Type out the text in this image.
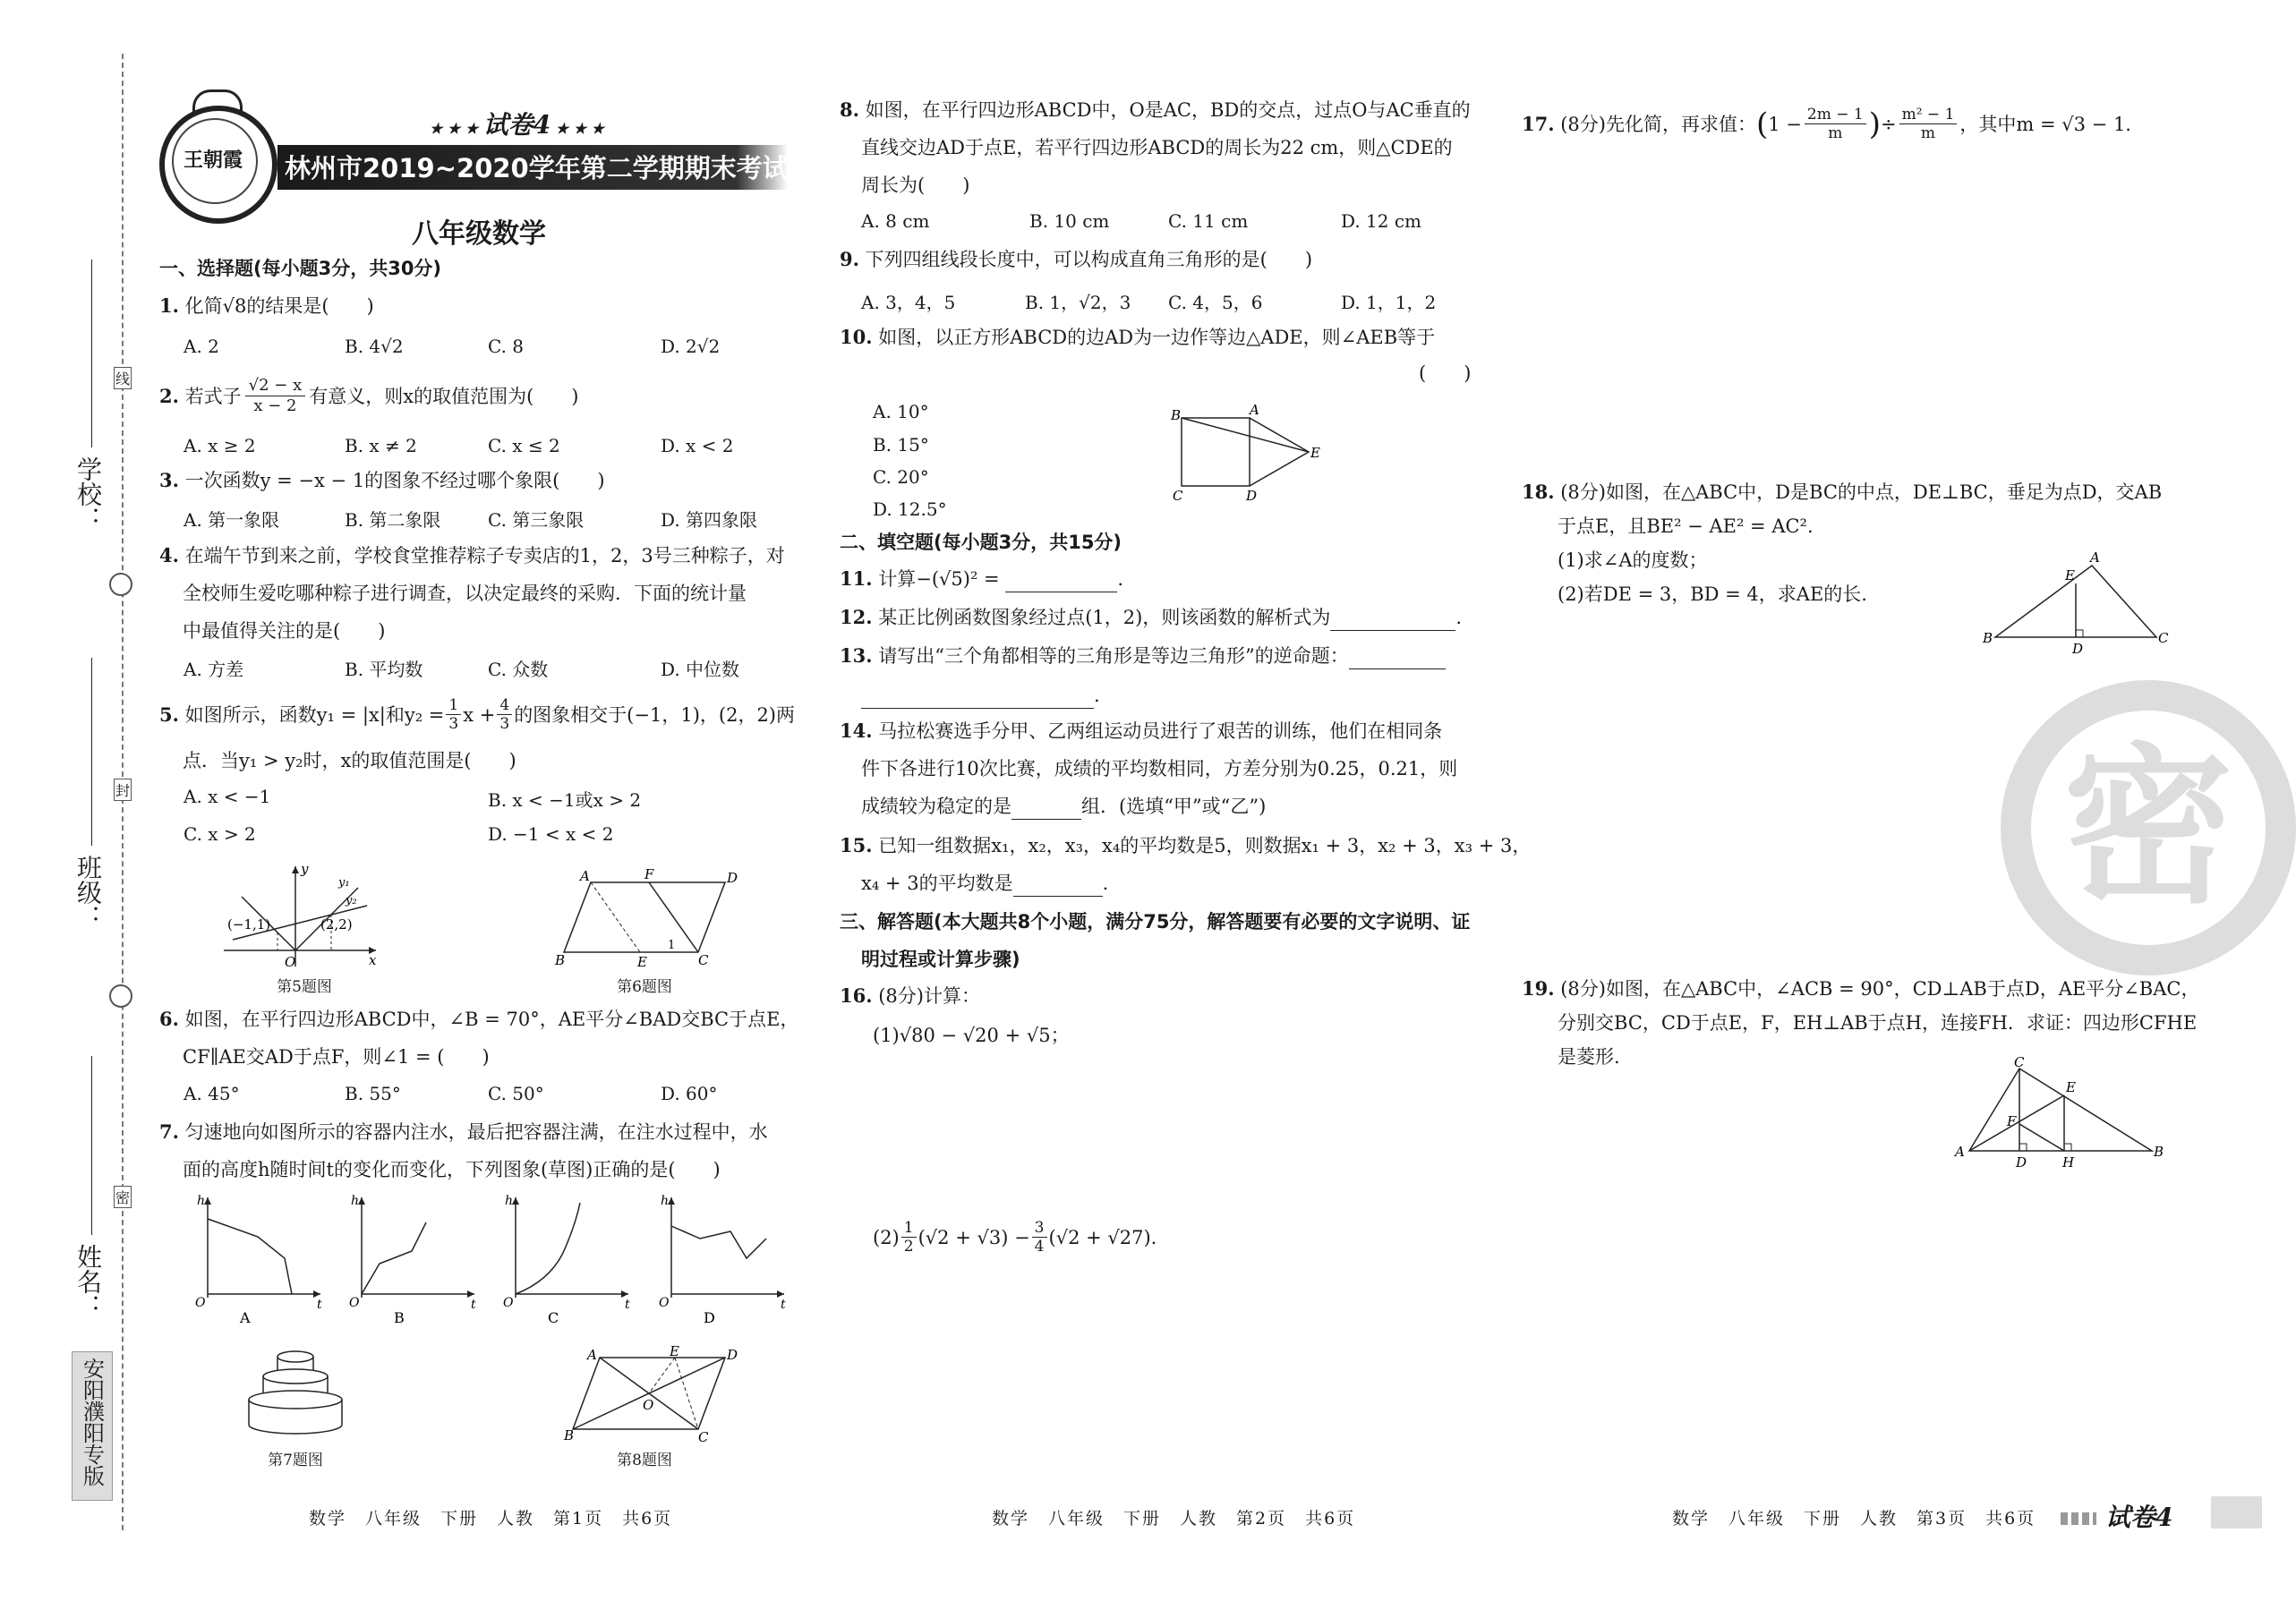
学校：
班级：
姓名：
线
封
密
安阳濮阳专版
王朝霞
★ ★ ★ 试卷4 ★ ★ ★
林州市2019~2020学年第二学期期末考试试题
八年级数学
一、选择题(每小题3分，共30分)
1. 化简√8的结果是(　　)
A. 2	B. 4√2	C. 8	D. 2√2
2.
若式子 √2 − x
x − 2 有意义，则x的取值范围为(　　)
A. x ≥ 2	B. x ≠ 2	C. x ≤ 2	D. x < 2
3. 一次函数y = −x − 1的图象不经过哪个象限(　　)
A. 第一象限	B. 第二象限	C. 第三象限	D. 第四象限
4. 在端午节到来之前，学校食堂推荐粽子专卖店的1，2，3号三种粽子，对
全校师生爱吃哪种粽子进行调查，以决定最终的采购．下面的统计量
中最值得关注的是(　　)
A. 方差	B. 平均数	C. 众数	D. 中位数
5.
如图所示，函数y₁ = |x|和$y_2 = \frac{1}{3}$ $x + \frac{4}{3}$ 的图象相交于(−1，1)，(2，2)两
点．当y₁ > y₂时，x的取值范围是(　　)
A. x < −1	B. x < −1或x > 2
C. x > 2	D. −1 < x < 2
(−1,1)	(2,2)
x
y
O
y₁
y₂
第5题图
A	F	D
B	E	C
1
第6题图
6. 如图，在平行四边形ABCD中，∠B = 70°，AE平分∠BAD交BC于点E，
CF∥AE交AD于点F，则∠1 = (　　)
A. 45°	B. 55°	C. 50°	D. 60°
7. 匀速地向如图所示的容器内注水，最后把容器注满，在注水过程中，水
面的高度h随时间t的变化而变化，下列图象(草图)正确的是(　　)
h
t
O
A
h
t
O
B
h
t
O
C
h
t
O
D
第7题图
A	E	D
O
B	C
第8题图
数学　八年级　下册　人教　第1页　共6页
8. 如图，在平行四边形ABCD中，O是AC，BD的交点，过点O与AC垂直的
直线交边AD于点E，若平行四边形ABCD的周长为22 cm，则△CDE的
周长为(　　)
A. 8 cm	B. 10 cm	C. 11 cm	D. 12 cm
9. 下列四组线段长度中，可以构成直角三角形的是(　　)
A. 3，4，5	B. 1，√2，3 C. 4，5，6	D. 1，1，2
10. 如图，以正方形ABCD的边AD为一边作等边△ADE，则∠AEB等于
(　　)
A. 10°
B. 15°
C. 20°
D. 12.5°
B	A
E
C	D
二、填空题(每小题3分，共15分)
11. 计算−(√5)² =	.
12. 某正比例函数图象经过点(1，2)，则该函数的解析式为	.
13. 请写出“三个角都相等的三角形是等边三角形”的逆命题：
.
14. 马拉松赛选手分甲、乙两组运动员进行了艰苦的训练，他们在相同条
件下各进行10次比赛，成绩的平均数相同，方差分别为0.25，0.21，则
成绩较为稳定的是	组．(选填“甲”或“乙”)
15. 已知一组数据x₁，x₂，x₃，x₄的平均数是5，则数据x₁ + 3，x₂ + 3，x₃ + 3，
x₄ + 3的平均数是	.
三、解答题(本大题共8个小题，满分75分，解答题要有必要的文字说明、证
明过程或计算步骤)
16. (8分)计算：
(1)√80 − √20 + √5；
(2) 1
2 $(√2 + √3) - \frac{3}{4} (√2 + √27)$.
数学　八年级　下册　人教　第2页　共6页
17.
(8分)先化简，再求值： ( $1 - \frac{2m - 1}{m}$ ) ÷ $\frac{\text{m² − 1}}{m}$ ，其中m = √3 − 1.
18. (8分)如图，在△ABC中，D是BC的中点，DE⊥BC，垂足为点D，交AB
于点E，且BE² − AE² = AC².
(1)求∠A的度数；
(2)若DE = 3，BD = 4，求AE的长.
A
E
B
D
C
19. (8分)如图，在△ABC中，∠ACB = 90°，CD⊥AB于点D，AE平分∠BAC，
分别交BC，CD于点E，F，EH⊥AB于点H，连接FH．求证：四边形CFHE
是菱形.	C
E
F
A
D	H
B
密
数学　八年级　下册　人教　第3页　共6页	试卷4
